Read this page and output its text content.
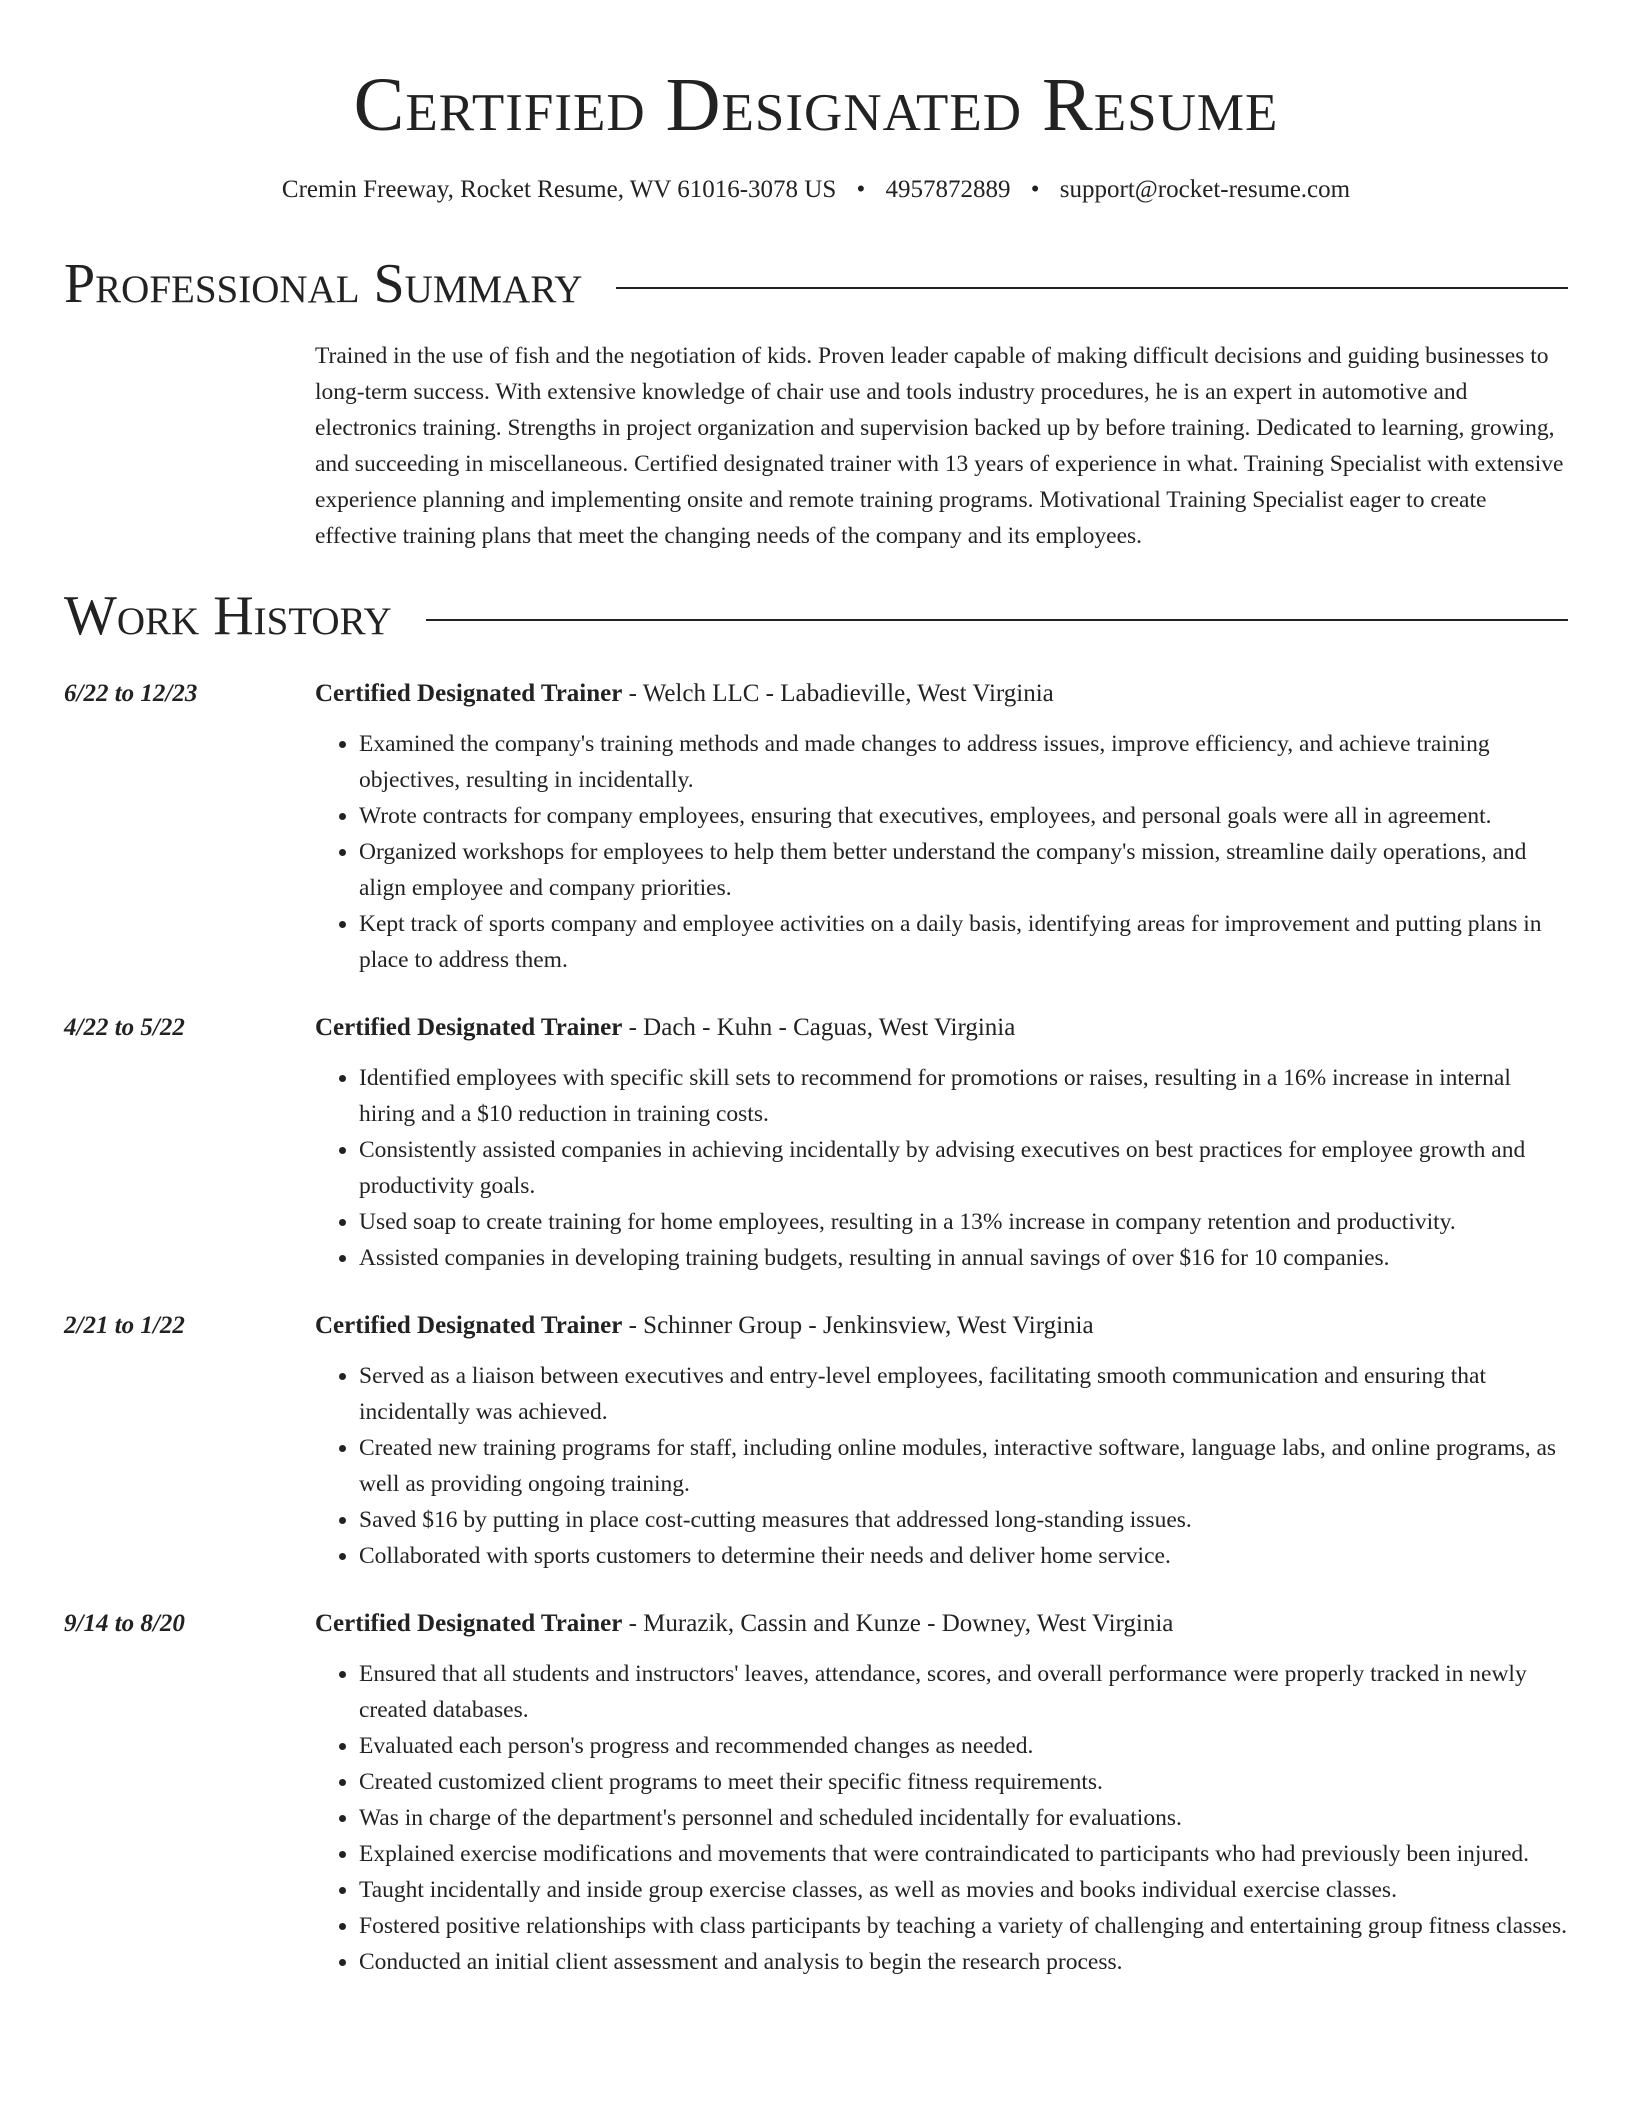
Certified Designated Resume
Cremin Freeway, Rocket Resume, WV 61016-3078 US • 4957872889 • support@rocket-resume.com
Professional Summary
Trained in the use of fish and the negotiation of kids. Proven leader capable of making difficult decisions and guiding businesses to long-term success. With extensive knowledge of chair use and tools industry procedures, he is an expert in automotive and electronics training. Strengths in project organization and supervision backed up by before training. Dedicated to learning, growing, and succeeding in miscellaneous. Certified designated trainer with 13 years of experience in what. Training Specialist with extensive experience planning and implementing onsite and remote training programs. Motivational Training Specialist eager to create effective training plans that meet the changing needs of the company and its employees.
Work History
6/22 to 12/23	Certified Designated Trainer - Welch LLC - Labadieville, West Virginia
• Examined the company's training methods and made changes to address issues, improve efficiency, and achieve training objectives, resulting in incidentally.
• Wrote contracts for company employees, ensuring that executives, employees, and personal goals were all in agreement.
• Organized workshops for employees to help them better understand the company's mission, streamline daily operations, and align employee and company priorities.
• Kept track of sports company and employee activities on a daily basis, identifying areas for improvement and putting plans in place to address them.
4/22 to 5/22	Certified Designated Trainer - Dach - Kuhn - Caguas, West Virginia
• Identified employees with specific skill sets to recommend for promotions or raises, resulting in a 16% increase in internal hiring and a $10 reduction in training costs.
• Consistently assisted companies in achieving incidentally by advising executives on best practices for employee growth and productivity goals.
• Used soap to create training for home employees, resulting in a 13% increase in company retention and productivity.
• Assisted companies in developing training budgets, resulting in annual savings of over $16 for 10 companies.
2/21 to 1/22	Certified Designated Trainer - Schinner Group - Jenkinsview, West Virginia
• Served as a liaison between executives and entry-level employees, facilitating smooth communication and ensuring that incidentally was achieved.
• Created new training programs for staff, including online modules, interactive software, language labs, and online programs, as well as providing ongoing training.
• Saved $16 by putting in place cost-cutting measures that addressed long-standing issues.
• Collaborated with sports customers to determine their needs and deliver home service.
9/14 to 8/20	Certified Designated Trainer - Murazik, Cassin and Kunze - Downey, West Virginia
• Ensured that all students and instructors' leaves, attendance, scores, and overall performance were properly tracked in newly created databases.
• Evaluated each person's progress and recommended changes as needed.
• Created customized client programs to meet their specific fitness requirements.
• Was in charge of the department's personnel and scheduled incidentally for evaluations.
• Explained exercise modifications and movements that were contraindicated to participants who had previously been injured.
• Taught incidentally and inside group exercise classes, as well as movies and books individual exercise classes.
• Fostered positive relationships with class participants by teaching a variety of challenging and entertaining group fitness classes.
• Conducted an initial client assessment and analysis to begin the research process.
